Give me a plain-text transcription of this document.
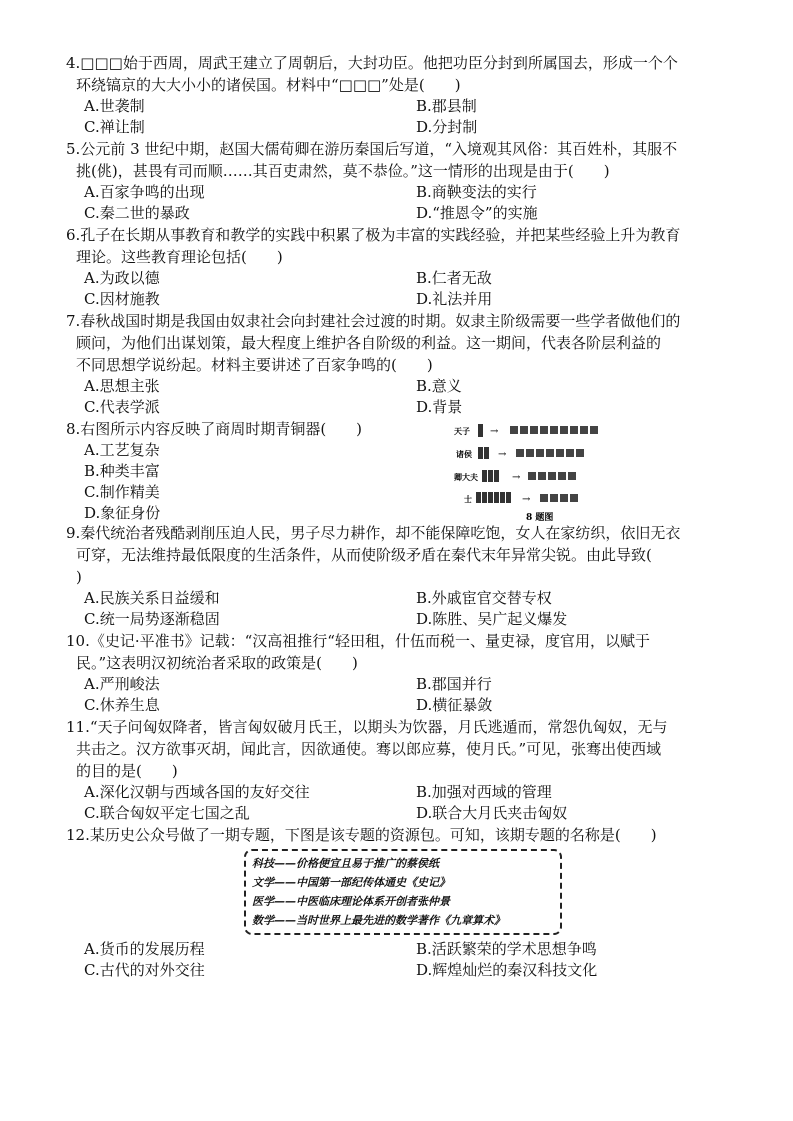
4.□□□始于西周，周武王建立了周朝后，大封功臣。他把功臣分封到所属国去，形成一个个

环绕镐京的大大小小的诸侯国。材料中“□□□”处是(　　)

A.世袭制	B.郡县制
C.禅让制	D.分封制

5.公元前 3 世纪中期，赵国大儒荀卿在游历秦国后写道，“入境观其风俗：其百姓朴，其服不

挑(佻)，甚畏有司而顺……其百吏肃然，莫不恭俭。”这一情形的出现是由于(　　)

A.百家争鸣的出现	B.商鞅变法的实行
C.秦二世的暴政	D.“推恩令”的实施

6.孔子在长期从事教育和教学的实践中积累了极为丰富的实践经验，并把某些经验上升为教育

理论。这些教育理论包括(　　)

A.为政以德	B.仁者无敌
C.因材施教	D.礼法并用

7.春秋战国时期是我国由奴隶社会向封建社会过渡的时期。奴隶主阶级需要一些学者做他们的

顾问，为他们出谋划策，最大程度上维护各自阶级的利益。这一期间，代表各阶层利益的

不同思想学说纷起。材料主要讲述了百家争鸣的(　　)

A.思想主张	B.意义
C.代表学派	D.背景

8.右图所示内容反映了商周时期青铜器(　　)

A.工艺复杂
B.种类丰富
C.制作精美
D.象征身份
天子 →
诸侯	→
卿大夫	→
士	→
8 题图

9.秦代统治者残酷剥削压迫人民，男子尽力耕作，却不能保障吃饱，女人在家纺织，依旧无衣

可穿，无法维持最低限度的生活条件，从而使阶级矛盾在秦代末年异常尖锐。由此导致(

)

A.民族关系日益缓和	B.外戚宦官交替专权
C.统一局势逐渐稳固	D.陈胜、吴广起义爆发

10.《史记·平准书》记载：“汉高祖推行“轻田租，什伍而税一、量吏禄，度官用，以赋于

民。”这表明汉初统治者采取的政策是(　　)

A.严刑峻法	B.郡国并行
C.休养生息	D.横征暴敛

11.“天子问匈奴降者，皆言匈奴破月氏王，以期头为饮器，月氏逃遁而，常怨仇匈奴，无与

共击之。汉方欲事灭胡，闻此言，因欲通使。骞以郎应募，使月氏。”可见，张骞出使西域

的目的是(　　)

A.深化汉朝与西域各国的友好交往	B.加强对西域的管理
C.联合匈奴平定七国之乱	D.联合大月氏夹击匈奴

12.某历史公众号做了一期专题，下图是该专题的资源包。可知，该期专题的名称是(　　)

科技——价格便宜且易于推广的蔡侯纸
文学——中国第一部纪传体通史《史记》
医学——中医临床理论体系开创者张仲景
数学——当时世界上最先进的数学著作《九章算术》
A.货币的发展历程	B.活跃繁荣的学术思想争鸣
C.古代的对外交往	D.辉煌灿烂的秦汉科技文化
